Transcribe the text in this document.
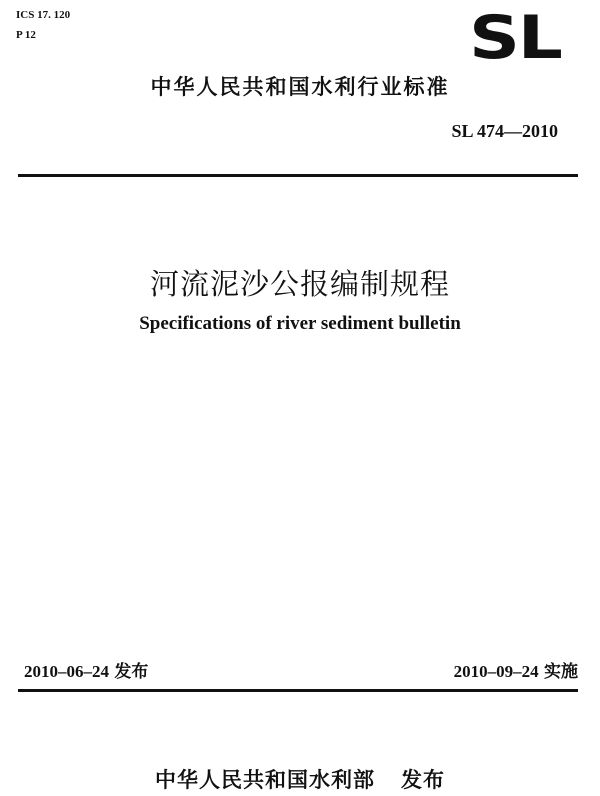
ICS 17. 120
P 12	SL
中华人民共和国水利行业标准
SL 474—2010
河流泥沙公报编制规程
Specifications of river sediment bulletin
2010–06–24 发布	2010–09–24 实施
中华人民共和国水利部 发布
